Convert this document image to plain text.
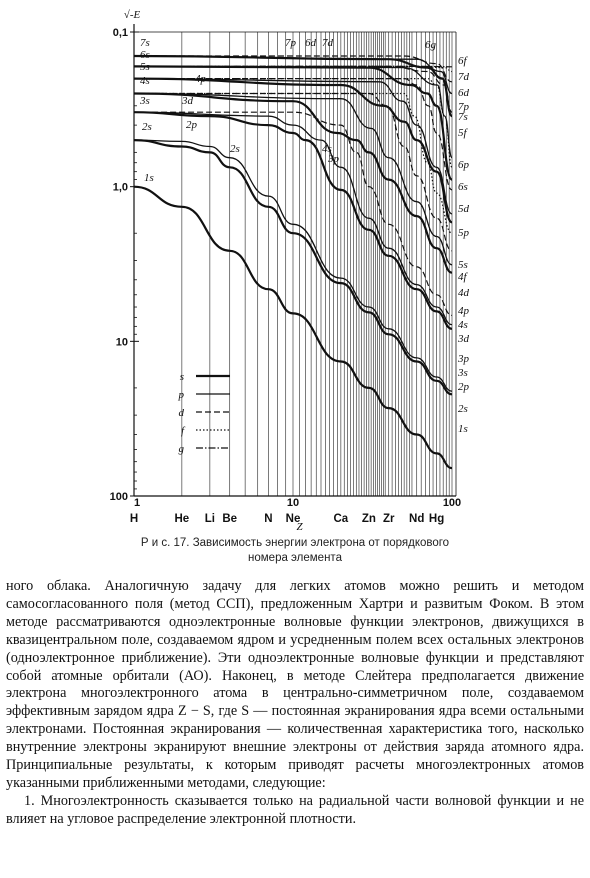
0,1
1,0
10
100
√-E
1	10	100
Z
H	He Li Be N Ne	Ca Zn Zr Nd Hg
7s
6s
5s
4s
3s
4p
3d
2p
2s
1s
4s
3p
7p 6d 7d	6g
2s
6f
7d
6d
7p
7s
5f
6p
6s
5d
5p
5s
4f
4d
4p
4s
3d
3p
3s
2p
2s
1s
s
p
d
f
g
Р и с. 17. Зависимость энергии электрона от порядкового
номера элемента

ного облака. Аналогичную задачу для легких атомов можно решить и методом самосогласованного поля (метод ССП), предложенным Хартри и развитым Фоком. В этом методе рассматриваются одноэлектронные волновые функции электронов, движущихся в квазицентральном поле, создаваемом ядром и усредненным полем всех остальных электронов (одноэлектронное приближение). Эти одноэлектронные волновые функции и представляют собой атомные орбитали (АО). Наконец, в методе Слейтера предполагается движение электрона многоэлектронного атома в центрально-симметричном поле, создаваемом эффективным зарядом ядра Z − S, где S — постоянная экранирования ядра всеми остальными электронами. Постоянная экранирования — количественная характеристика того, насколько внутренние электроны экранируют внешние электроны от действия заряда атомного ядра. Принципиальные результаты, к которым приводят расчеты многоэлектронных атомов указанными приближенными методами, следующие:

1. Многоэлектронность сказывается только на радиальной части волновой функции и не влияет на угловое распределение электронной плотности.
